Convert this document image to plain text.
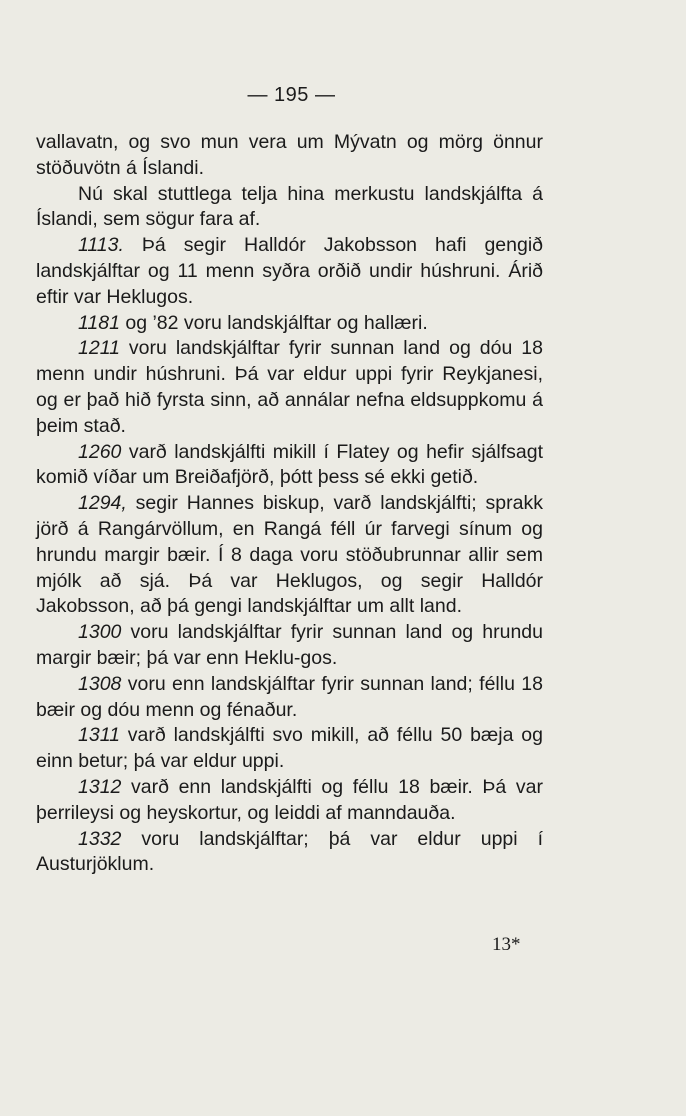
— 195 —

vallavatn, og svo mun vera um Mývatn og mörg önnur stöðuvötn á Íslandi.

Nú skal stuttlega telja hina merkustu landskjálfta á Íslandi, sem sögur fara af.

1113. Þá segir Halldór Jakobsson hafi gengið landskjálftar og 11 menn syðra orðið undir húshruni. Árið eftir var Heklugos.

1181 og ’82 voru landskjálftar og hallæri.

1211 voru landskjálftar fyrir sunnan land og dóu 18 menn undir húshruni. Þá var eldur uppi fyrir Reykjanesi, og er það hið fyrsta sinn, að annálar nefna eldsuppkomu á þeim stað.

1260 varð landskjálfti mikill í Flatey og hefir sjálfsagt komið víðar um Breiðafjörð, þótt þess sé ekki getið.

1294, segir Hannes biskup, varð landskjálfti; sprakk jörð á Rangárvöllum, en Rangá féll úr farvegi sínum og hrundu margir bæir. Í 8 daga voru stöðubrunnar allir sem mjólk að sjá. Þá var Heklugos, og segir Halldór Jakobsson, að þá gengi landskjálftar um allt land.

1300 voru landskjálftar fyrir sunnan land og hrundu margir bæir; þá var enn Heklu-gos.

1308 voru enn landskjálftar fyrir sunnan land; féllu 18 bæir og dóu menn og fénaður.

1311 varð landskjálfti svo mikill, að féllu 50 bæja og einn betur; þá var eldur uppi.

1312 varð enn landskjálfti og féllu 18 bæir. Þá var þerrileysi og heyskortur, og leiddi af manndauða.

1332 voru landskjálftar; þá var eldur uppi í Austurjöklum.

13*
